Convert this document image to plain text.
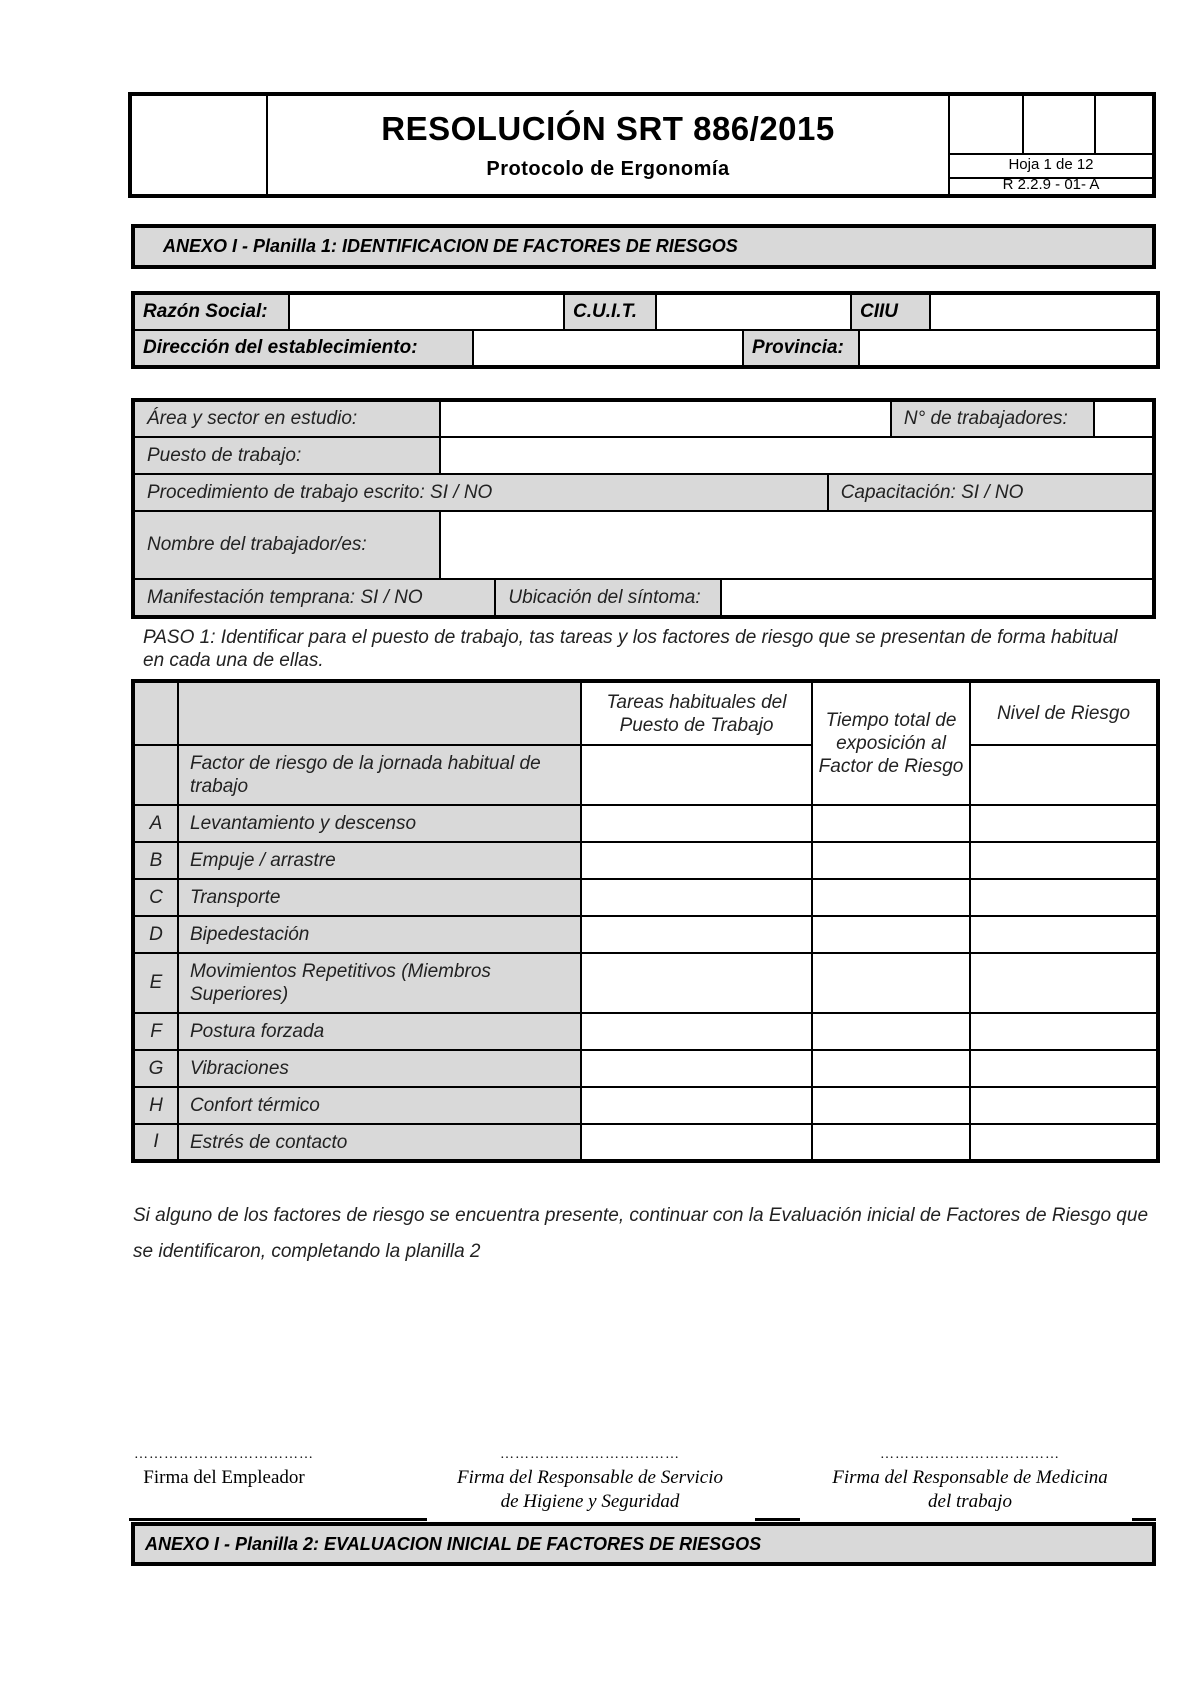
RESOLUCIÓN SRT 886/2015
Protocolo de Ergonomía	Hoja 1 de 12
R 2.2.9 - 01- A
ANEXO I - Planilla 1: IDENTIFICACION DE FACTORES DE RIESGOS
Razón Social:			C.U.I.T.			CIIU		
Dirección del establecimiento:					Provincia:			
Área y sector en estudio:					N° de trabajadores:	
Puesto de trabajo:						
Procedimiento de trabajo escrito: SI / NO				Capacitación: SI / NO		
Nombre del trabajador/es:						
Manifestación temprana: SI / NO		Ubicación del síntoma:				
PASO 1: Identificar para el puesto de trabajo, tas tareas y los factores de riesgo que se presentan de forma habitual en cada una de ellas.
		Tareas habituales del Puesto de Trabajo	Tiempo total de exposición al Factor de Riesgo	Nivel de Riesgo
	Factor de riesgo de la jornada habitual de trabajo			
A	Levantamiento y descenso			
B	Empuje / arrastre			
C	Transporte			
D	Bipedestación			
E	Movimientos Repetitivos (Miembros Superiores)			
F	Postura forzada			
G	Vibraciones			
H	Confort térmico			
I	Estrés de contacto			
Si alguno de los factores de riesgo se encuentra presente, continuar con la Evaluación inicial de Factores de Riesgo que se identificaron, completando la planilla 2
………………………………
Firma del Empleador
………………………………
Firma del Responsable de Servicio
de Higiene y Seguridad
………………………………
Firma del Responsable de Medicina
del trabajo
ANEXO I - Planilla 2: EVALUACION INICIAL DE FACTORES DE RIESGOS
